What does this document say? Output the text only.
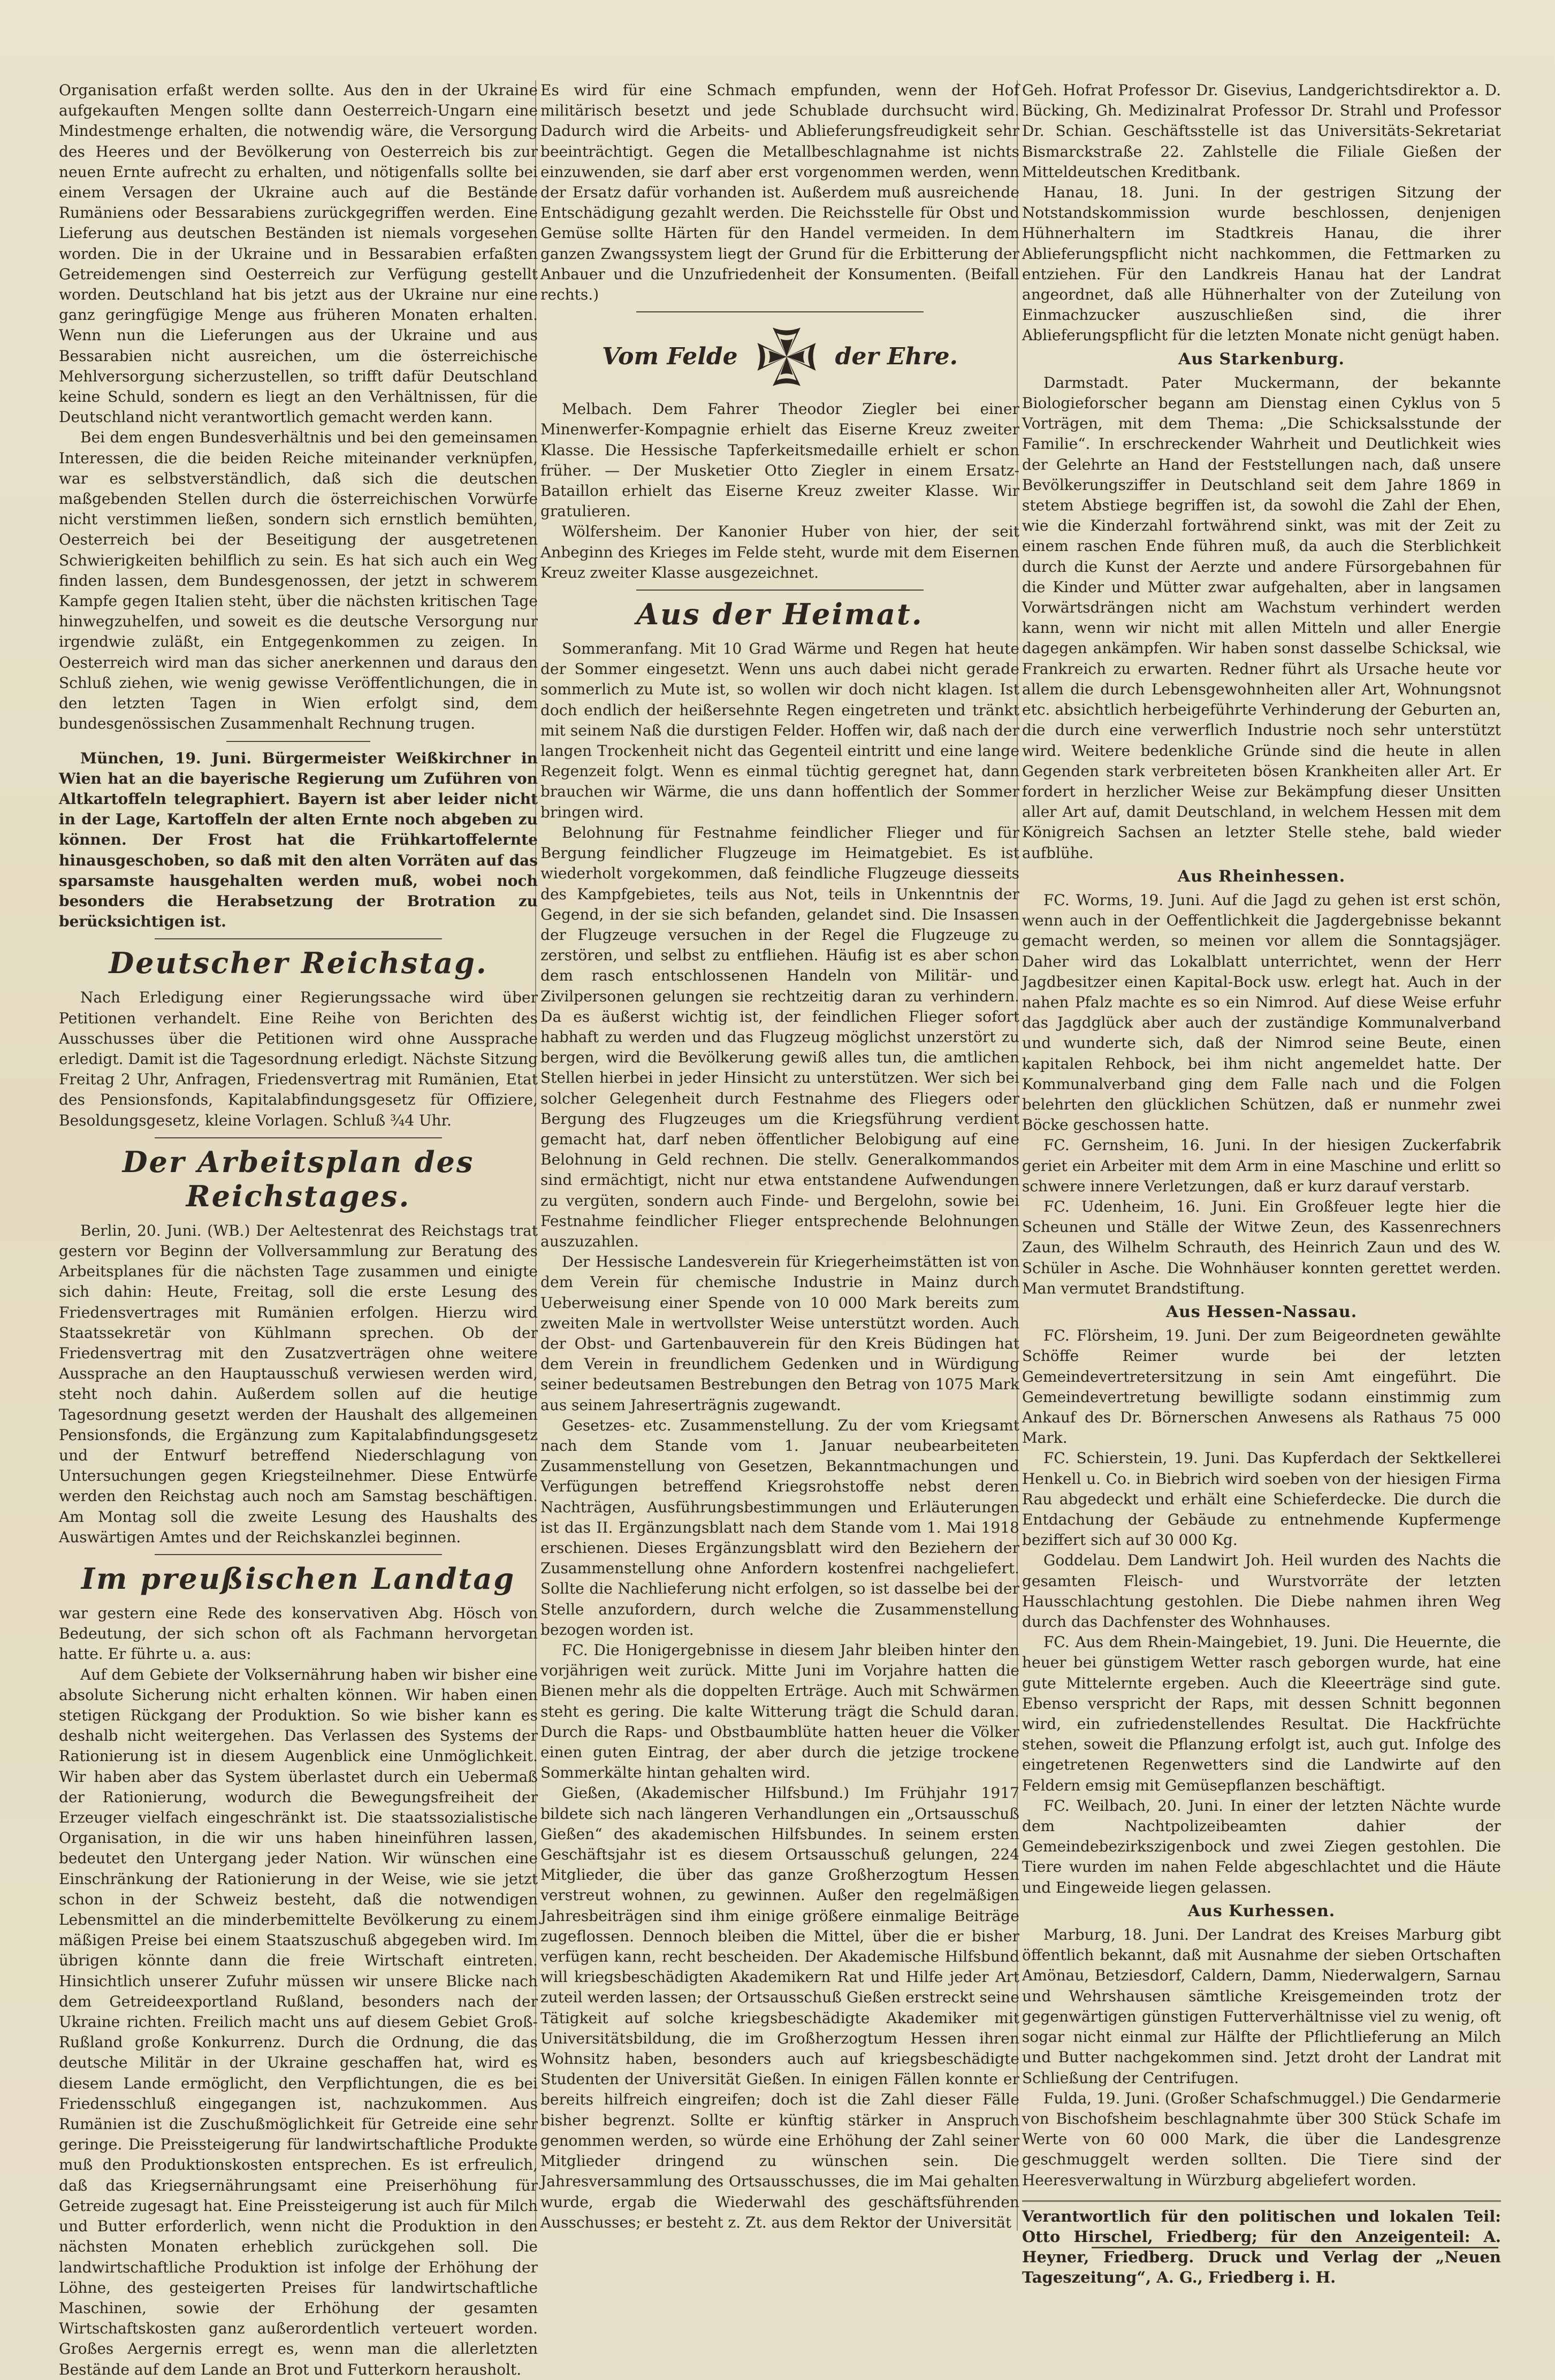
Organisation erfaßt werden sollte. Aus den in der Ukraine aufgekauften Mengen sollte dann Oesterreich-Ungarn eine Mindestmenge erhalten, die notwendig wäre, die Versorgung des Heeres und der Bevölkerung von Oesterreich bis zur neuen Ernte aufrecht zu erhalten, und nötigenfalls sollte bei einem Versagen der Ukraine auch auf die Bestände Rumäniens oder Bessarabiens zurückgegriffen werden. Eine Lieferung aus deutschen Beständen ist niemals vorgesehen worden. Die in der Ukraine und in Bessarabien erfaßten Getreidemengen sind Oesterreich zur Verfügung gestellt worden. Deutschland hat bis jetzt aus der Ukraine nur eine ganz geringfügige Menge aus früheren Monaten erhalten. Wenn nun die Lieferungen aus der Ukraine und aus Bessarabien nicht ausreichen, um die österreichische Mehlversorgung sicherzustellen, so trifft dafür Deutschland keine Schuld, sondern es liegt an den Verhältnissen, für die Deutschland nicht verantwortlich gemacht werden kann.

Bei dem engen Bundesverhältnis und bei den gemeinsamen Interessen, die die beiden Reiche miteinander verknüpfen, war es selbstverständlich, daß sich die deutschen maßgebenden Stellen durch die österreichischen Vorwürfe nicht verstimmen ließen, sondern sich ernstlich bemühten, Oesterreich bei der Beseitigung der ausgetretenen Schwierigkeiten behilflich zu sein. Es hat sich auch ein Weg finden lassen, dem Bundesgenossen, der jetzt in schwerem Kampfe gegen Italien steht, über die nächsten kritischen Tage hinwegzuhelfen, und soweit es die deutsche Versorgung nur irgendwie zuläßt, ein Entgegenkommen zu zeigen. In Oesterreich wird man das sicher anerkennen und daraus den Schluß ziehen, wie wenig gewisse Veröffentlichungen, die in den letzten Tagen in Wien erfolgt sind, dem bundesgenössischen Zusammenhalt Rechnung trugen.

München, 19. Juni. Bürgermeister Weißkirchner in Wien hat an die bayerische Regierung um Zuführen von Altkartoffeln telegraphiert. Bayern ist aber leider nicht in der Lage, Kartoffeln der alten Ernte noch abgeben zu können. Der Frost hat die Frühkartoffelernte hinausgeschoben, so daß mit den alten Vorräten auf das sparsamste hausgehalten werden muß, wobei noch besonders die Herabsetzung der Brotration zu berücksichtigen ist.

Deutscher Reichstag.

Nach Erledigung einer Regierungssache wird über Petitionen verhandelt. Eine Reihe von Berichten des Ausschusses über die Petitionen wird ohne Aussprache erledigt. Damit ist die Tagesordnung erledigt. Nächste Sitzung Freitag 2 Uhr, Anfragen, Friedensvertrag mit Rumänien, Etat des Pensionsfonds, Kapitalabfindungsgesetz für Offiziere, Besoldungsgesetz, kleine Vorlagen. Schluß ¾4 Uhr.

Der Arbeitsplan des Reichstages.

Berlin, 20. Juni. (WB.) Der Aeltestenrat des Reichstags trat gestern vor Beginn der Vollversammlung zur Beratung des Arbeitsplanes für die nächsten Tage zusammen und einigte sich dahin: Heute, Freitag, soll die erste Lesung des Friedensvertrages mit Rumänien erfolgen. Hierzu wird Staatssekretär von Kühlmann sprechen. Ob der Friedensvertrag mit den Zusatzverträgen ohne weitere Aussprache an den Hauptausschuß verwiesen werden wird, steht noch dahin. Außerdem sollen auf die heutige Tagesordnung gesetzt werden der Haushalt des allgemeinen Pensionsfonds, die Ergänzung zum Kapitalabfindungsgesetz und der Entwurf betreffend Niederschlagung von Untersuchungen gegen Kriegsteilnehmer. Diese Entwürfe werden den Reichstag auch noch am Samstag beschäftigen. Am Montag soll die zweite Lesung des Haushalts des Auswärtigen Amtes und der Reichskanzlei beginnen.

Im preußischen Landtag

war gestern eine Rede des konservativen Abg. Hösch von Bedeutung, der sich schon oft als Fachmann hervorgetan hatte. Er führte u. a. aus:

Auf dem Gebiete der Volksernährung haben wir bisher eine absolute Sicherung nicht erhalten können. Wir haben einen stetigen Rückgang der Produktion. So wie bisher kann es deshalb nicht weitergehen. Das Verlassen des Systems der Rationierung ist in diesem Augenblick eine Unmöglichkeit. Wir haben aber das System überlastet durch ein Uebermaß der Rationierung, wodurch die Bewegungsfreiheit der Erzeuger vielfach eingeschränkt ist. Die staatssozialistische Organisation, in die wir uns haben hineinführen lassen, bedeutet den Untergang jeder Nation. Wir wünschen eine Einschränkung der Rationierung in der Weise, wie sie jetzt schon in der Schweiz besteht, daß die notwendigen Lebensmittel an die minderbemittelte Bevölkerung zu einem mäßigen Preise bei einem Staatszuschuß abgegeben wird. Im übrigen könnte dann die freie Wirtschaft eintreten. Hinsichtlich unserer Zufuhr müssen wir unsere Blicke nach dem Getreideexportland Rußland, besonders nach der Ukraine richten. Freilich macht uns auf diesem Gebiet Groß-Rußland große Konkurrenz. Durch die Ordnung, die das deutsche Militär in der Ukraine geschaffen hat, wird es diesem Lande ermöglicht, den Verpflichtungen, die es bei Friedensschluß eingegangen ist, nachzukommen. Aus Rumänien ist die Zuschußmöglichkeit für Getreide eine sehr geringe. Die Preissteigerung für landwirtschaftliche Produkte muß den Produktionskosten entsprechen. Es ist erfreulich, daß das Kriegsernährungsamt eine Preiserhöhung für Getreide zugesagt hat. Eine Preissteigerung ist auch für Milch und Butter erforderlich, wenn nicht die Produktion in den nächsten Monaten erheblich zurückgehen soll. Die landwirtschaftliche Produktion ist infolge der Erhöhung der Löhne, des gesteigerten Preises für landwirtschaftliche Maschinen, sowie der Erhöhung der gesamten Wirtschaftskosten ganz außerordentlich verteuert worden. Großes Aergernis erregt es, wenn man die allerletzten Bestände auf dem Lande an Brot und Futterkorn herausholt.

Es wird für eine Schmach empfunden, wenn der Hof militärisch besetzt und jede Schublade durchsucht wird. Dadurch wird die Arbeits- und Ablieferungsfreudigkeit sehr beeinträchtigt. Gegen die Metallbeschlagnahme ist nichts einzuwenden, sie darf aber erst vorgenommen werden, wenn der Ersatz dafür vorhanden ist. Außerdem muß ausreichende Entschädigung gezahlt werden. Die Reichsstelle für Obst und Gemüse sollte Härten für den Handel vermeiden. In dem ganzen Zwangssystem liegt der Grund für die Erbitterung der Anbauer und die Unzufriedenheit der Konsumenten. (Beifall rechts.)

Vom Felde	der Ehre.

Melbach. Dem Fahrer Theodor Ziegler bei einer Minenwerfer-Kompagnie erhielt das Eiserne Kreuz zweiter Klasse. Die Hessische Tapferkeitsmedaille erhielt er schon früher. — Der Musketier Otto Ziegler in einem Ersatz-Bataillon erhielt das Eiserne Kreuz zweiter Klasse. Wir gratulieren.

Wölfersheim. Der Kanonier Huber von hier, der seit Anbeginn des Krieges im Felde steht, wurde mit dem Eisernen Kreuz zweiter Klasse ausgezeichnet.

Aus der Heimat.

Sommeranfang. Mit 10 Grad Wärme und Regen hat heute der Sommer eingesetzt. Wenn uns auch dabei nicht gerade sommerlich zu Mute ist, so wollen wir doch nicht klagen. Ist doch endlich der heißersehnte Regen eingetreten und tränkt mit seinem Naß die durstigen Felder. Hoffen wir, daß nach der langen Trockenheit nicht das Gegenteil eintritt und eine lange Regenzeit folgt. Wenn es einmal tüchtig geregnet hat, dann brauchen wir Wärme, die uns dann hoffentlich der Sommer bringen wird.

Belohnung für Festnahme feindlicher Flieger und für Bergung feindlicher Flugzeuge im Heimatgebiet. Es ist wiederholt vorgekommen, daß feindliche Flugzeuge diesseits des Kampfgebietes, teils aus Not, teils in Unkenntnis der Gegend, in der sie sich befanden, gelandet sind. Die Insassen der Flugzeuge versuchen in der Regel die Flugzeuge zu zerstören, und selbst zu entfliehen. Häufig ist es aber schon dem rasch entschlossenen Handeln von Militär- und Zivilpersonen gelungen sie rechtzeitig daran zu verhindern. Da es äußerst wichtig ist, der feindlichen Flieger sofort habhaft zu werden und das Flugzeug möglichst unzerstört zu bergen, wird die Bevölkerung gewiß alles tun, die amtlichen Stellen hierbei in jeder Hinsicht zu unterstützen. Wer sich bei solcher Gelegenheit durch Festnahme des Fliegers oder Bergung des Flugzeuges um die Kriegsführung verdient gemacht hat, darf neben öffentlicher Belobigung auf eine Belohnung in Geld rechnen. Die stellv. Generalkommandos sind ermächtigt, nicht nur etwa entstandene Aufwendungen zu vergüten, sondern auch Finde- und Bergelohn, sowie bei Festnahme feindlicher Flieger entsprechende Belohnungen auszuzahlen.

Der Hessische Landesverein für Kriegerheimstätten ist von dem Verein für chemische Industrie in Mainz durch Ueberweisung einer Spende von 10 000 Mark bereits zum zweiten Male in wertvollster Weise unterstützt worden. Auch der Obst- und Gartenbauverein für den Kreis Büdingen hat dem Verein in freundlichem Gedenken und in Würdigung seiner bedeutsamen Bestrebungen den Betrag von 1075 Mark aus seinem Jahreserträgnis zugewandt.

Gesetzes- etc. Zusammenstellung. Zu der vom Kriegsamt nach dem Stande vom 1. Januar neubearbeiteten Zusammenstellung von Gesetzen, Bekanntmachungen und Verfügungen betreffend Kriegsrohstoffe nebst deren Nachträgen, Ausführungsbestimmungen und Erläuterungen ist das II. Ergänzungsblatt nach dem Stande vom 1. Mai 1918 erschienen. Dieses Ergänzungsblatt wird den Beziehern der Zusammenstellung ohne Anfordern kostenfrei nachgeliefert. Sollte die Nachlieferung nicht erfolgen, so ist dasselbe bei der Stelle anzufordern, durch welche die Zusammenstellung bezogen worden ist.

FC. Die Honigergebnisse in diesem Jahr bleiben hinter den vorjährigen weit zurück. Mitte Juni im Vorjahre hatten die Bienen mehr als die doppelten Erträge. Auch mit Schwärmen steht es gering. Die kalte Witterung trägt die Schuld daran. Durch die Raps- und Obstbaumblüte hatten heuer die Völker einen guten Eintrag, der aber durch die jetzige trockene Sommerkälte hintan gehalten wird.

Gießen, (Akademischer Hilfsbund.) Im Frühjahr 1917 bildete sich nach längeren Verhandlungen ein „Ortsausschuß Gießen“ des akademischen Hilfsbundes. In seinem ersten Geschäftsjahr ist es diesem Ortsausschuß gelungen, 224 Mitglieder, die über das ganze Großherzogtum Hessen verstreut wohnen, zu gewinnen. Außer den regelmäßigen Jahresbeiträgen sind ihm einige größere einmalige Beiträge zugeflossen. Dennoch bleiben die Mittel, über die er bisher verfügen kann, recht bescheiden. Der Akademische Hilfsbund will kriegsbeschädigten Akademikern Rat und Hilfe jeder Art zuteil werden lassen; der Ortsausschuß Gießen erstreckt seine Tätigkeit auf solche kriegsbeschädigte Akademiker mit Universitätsbildung, die im Großherzogtum Hessen ihren Wohnsitz haben, besonders auch auf kriegsbeschädigte Studenten der Universität Gießen. In einigen Fällen konnte er bereits hilfreich eingreifen; doch ist die Zahl dieser Fälle bisher begrenzt. Sollte er künftig stärker in Anspruch genommen werden, so würde eine Erhöhung der Zahl seiner Mitglieder dringend zu wünschen sein. Die Jahresversammlung des Ortsausschusses, die im Mai gehalten wurde, ergab die Wiederwahl des geschäftsführenden Ausschusses; er besteht z. Zt. aus dem Rektor der Universität

Geh. Hofrat Professor Dr. Gisevius, Landgerichtsdirektor a. D. Bücking, Gh. Medizinalrat Professor Dr. Strahl und Professor Dr. Schian. Geschäftsstelle ist das Universitäts-Sekretariat Bismarckstraße 22. Zahlstelle die Filiale Gießen der Mitteldeutschen Kreditbank.

Hanau, 18. Juni. In der gestrigen Sitzung der Notstandskommission wurde beschlossen, denjenigen Hühnerhaltern im Stadtkreis Hanau, die ihrer Ablieferungspflicht nicht nachkommen, die Fettmarken zu entziehen. Für den Landkreis Hanau hat der Landrat angeordnet, daß alle Hühnerhalter von der Zuteilung von Einmachzucker auszuschließen sind, die ihrer Ablieferungspflicht für die letzten Monate nicht genügt haben.

Aus Starkenburg.

Darmstadt. Pater Muckermann, der bekannte Biologieforscher begann am Dienstag einen Cyklus von 5 Vorträgen, mit dem Thema: „Die Schicksalsstunde der Familie“. In erschreckender Wahrheit und Deutlichkeit wies der Gelehrte an Hand der Feststellungen nach, daß unsere Bevölkerungsziffer in Deutschland seit dem Jahre 1869 in stetem Abstiege begriffen ist, da sowohl die Zahl der Ehen, wie die Kinderzahl fortwährend sinkt, was mit der Zeit zu einem raschen Ende führen muß, da auch die Sterblichkeit durch die Kunst der Aerzte und andere Fürsorgebahnen für die Kinder und Mütter zwar aufgehalten, aber in langsamen Vorwärtsdrängen nicht am Wachstum verhindert werden kann, wenn wir nicht mit allen Mitteln und aller Energie dagegen ankämpfen. Wir haben sonst dasselbe Schicksal, wie Frankreich zu erwarten. Redner führt als Ursache heute vor allem die durch Lebensgewohnheiten aller Art, Wohnungsnot etc. absichtlich herbeigeführte Verhinderung der Geburten an, die durch eine verwerflich Industrie noch sehr unterstützt wird. Weitere bedenkliche Gründe sind die heute in allen Gegenden stark verbreiteten bösen Krankheiten aller Art. Er fordert in herzlicher Weise zur Bekämpfung dieser Unsitten aller Art auf, damit Deutschland, in welchem Hessen mit dem Königreich Sachsen an letzter Stelle stehe, bald wieder aufblühe.

Aus Rheinhessen.

FC. Worms, 19. Juni. Auf die Jagd zu gehen ist erst schön, wenn auch in der Oeffentlichkeit die Jagdergebnisse bekannt gemacht werden, so meinen vor allem die Sonntagsjäger. Daher wird das Lokalblatt unterrichtet, wenn der Herr Jagdbesitzer einen Kapital-Bock usw. erlegt hat. Auch in der nahen Pfalz machte es so ein Nimrod. Auf diese Weise erfuhr das Jagdglück aber auch der zuständige Kommunalverband und wunderte sich, daß der Nimrod seine Beute, einen kapitalen Rehbock, bei ihm nicht angemeldet hatte. Der Kommunalverband ging dem Falle nach und die Folgen belehrten den glücklichen Schützen, daß er nunmehr zwei Böcke geschossen hatte.

FC. Gernsheim, 16. Juni. In der hiesigen Zuckerfabrik geriet ein Arbeiter mit dem Arm in eine Maschine und erlitt so schwere innere Verletzungen, daß er kurz darauf verstarb.

FC. Udenheim, 16. Juni. Ein Großfeuer legte hier die Scheunen und Ställe der Witwe Zeun, des Kassenrechners Zaun, des Wilhelm Schrauth, des Heinrich Zaun und des W. Schüler in Asche. Die Wohnhäuser konnten gerettet werden. Man vermutet Brandstiftung.

Aus Hessen-Nassau.

FC. Flörsheim, 19. Juni. Der zum Beigeordneten gewählte Schöffe Reimer wurde bei der letzten Gemeindevertretersitzung in sein Amt eingeführt. Die Gemeindevertretung bewilligte sodann einstimmig zum Ankauf des Dr. Börnerschen Anwesens als Rathaus 75 000 Mark.

FC. Schierstein, 19. Juni. Das Kupferdach der Sektkellerei Henkell u. Co. in Biebrich wird soeben von der hiesigen Firma Rau abgedeckt und erhält eine Schieferdecke. Die durch die Entdachung der Gebäude zu entnehmende Kupfermenge beziffert sich auf 30 000 Kg.

Goddelau. Dem Landwirt Joh. Heil wurden des Nachts die gesamten Fleisch- und Wurstvorräte der letzten Hausschlachtung gestohlen. Die Diebe nahmen ihren Weg durch das Dachfenster des Wohnhauses.

FC. Aus dem Rhein-Maingebiet, 19. Juni. Die Heuernte, die heuer bei günstigem Wetter rasch geborgen wurde, hat eine gute Mittelernte ergeben. Auch die Kleeerträge sind gute. Ebenso verspricht der Raps, mit dessen Schnitt begonnen wird, ein zufriedenstellendes Resultat. Die Hackfrüchte stehen, soweit die Pflanzung erfolgt ist, auch gut. Infolge des eingetretenen Regenwetters sind die Landwirte auf den Feldern emsig mit Gemüsepflanzen beschäftigt.

FC. Weilbach, 20. Juni. In einer der letzten Nächte wurde dem Nachtpolizeibeamten dahier der Gemeindebezirkszigenbock und zwei Ziegen gestohlen. Die Tiere wurden im nahen Felde abgeschlachtet und die Häute und Eingeweide liegen gelassen.

Aus Kurhessen.

Marburg, 18. Juni. Der Landrat des Kreises Marburg gibt öffentlich bekannt, daß mit Ausnahme der sieben Ortschaften Amönau, Betziesdorf, Caldern, Damm, Niederwalgern, Sarnau und Wehrshausen sämtliche Kreisgemeinden trotz der gegenwärtigen günstigen Futterverhältnisse viel zu wenig, oft sogar nicht einmal zur Hälfte der Pflichtlieferung an Milch und Butter nachgekommen sind. Jetzt droht der Landrat mit Schließung der Centrifugen.

Fulda, 19. Juni. (Großer Schafschmuggel.) Die Gendarmerie von Bischofsheim beschlagnahmte über 300 Stück Schafe im Werte von 60 000 Mark, die über die Landesgrenze geschmuggelt werden sollten. Die Tiere sind der Heeresverwaltung in Würzburg abgeliefert worden.

Verantwortlich für den politischen und lokalen Teil: Otto Hirschel, Friedberg; für den Anzeigenteil: A. Heyner, Friedberg. Druck und Verlag der „Neuen Tageszeitung“, A. G., Friedberg i. H.
